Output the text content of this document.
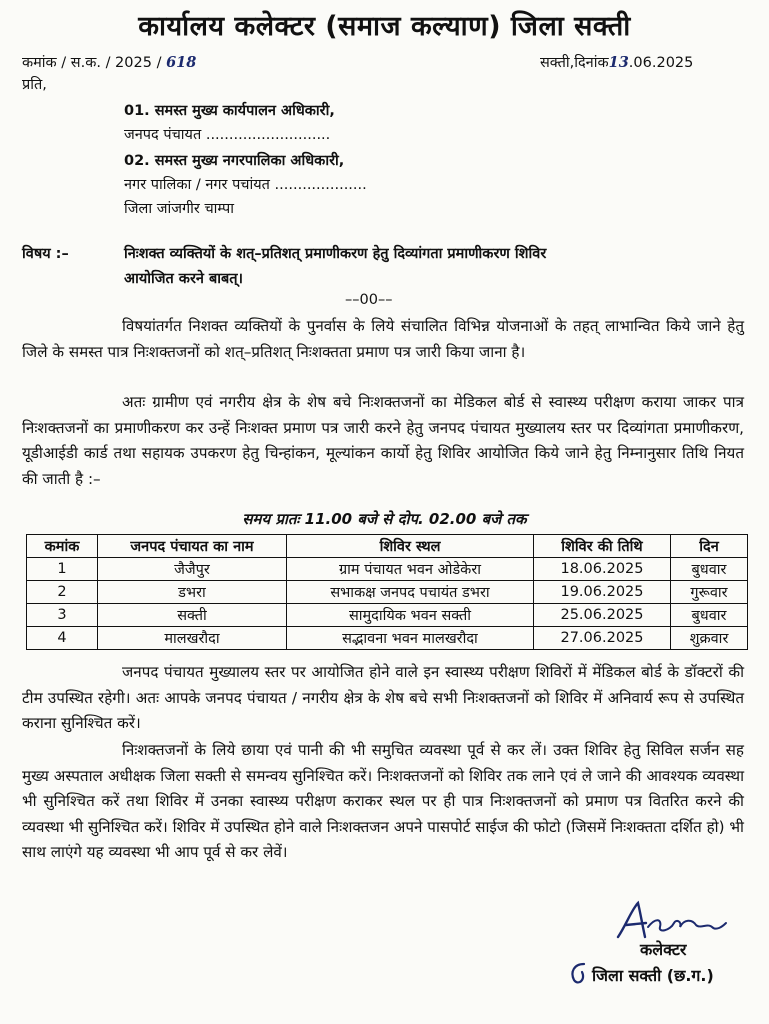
कार्यालय कलेक्टर (समाज कल्याण) जिला सक्ती
कमांक / स.क. / 2025 / 618	सक्ती,दिनांक13.06.2025
प्रति,
01. समस्त मुख्य कार्यपालन अधिकारी,
जनपद पंचायत ...........................
02. समस्त मुख्य नगरपालिका अधिकारी,
नगर पालिका / नगर पचांयत ....................
जिला जांजगीर चाम्पा
विषय :–	निःशक्त व्यक्तियों के शत्–प्रतिशत् प्रमाणीकरण हेतु दिव्यांगता प्रमाणीकरण शिविर
आयोजित करने बाबत्।
––00––
विषयांतर्गत निशक्त व्यक्तियों के पुनर्वास के लिये संचालित विभिन्न योजनाओं के तहत् लाभान्वित किये जाने हेतु जिले के समस्त पात्र निःशक्तजनों को शत्–प्रतिशत् निःशक्तता प्रमाण पत्र जारी किया जाना है।
अतः ग्रामीण एवं नगरीय क्षेत्र के शेष बचे निःशक्तजनों का मेडिकल बोर्ड से स्वास्थ्य परीक्षण कराया जाकर पात्र निःशक्तजनों का प्रमाणीकरण कर उन्हें निःशक्त प्रमाण पत्र जारी करने हेतु जनपद पंचायत मुख्यालय स्तर पर दिव्यांगता प्रमाणीकरण, यूडीआईडी कार्ड तथा सहायक उपकरण हेतु चिन्हांकन, मूल्यांकन कार्यो हेतु शिविर आयोजित किये जाने हेतु निम्नानुसार तिथि नियत की जाती है :–
समय प्रातः 11.00 बजे से दोप. 02.00 बजे तक
कमांक	जनपद पंचायत का नाम	शिविर स्थल	शिविर की तिथि	दिन
1	जैजैपुर	ग्राम पंचायत भवन ओडेकेरा	18.06.2025	बुधवार
2	डभरा	सभाकक्ष जनपद पचायंत डभरा	19.06.2025	गुरूवार
3	सक्ती	सामुदायिक भवन सक्ती	25.06.2025	बुधवार
4	मालखरौदा	सद्भावना भवन मालखरौदा	27.06.2025	शुक्रवार
जनपद पंचायत मुख्यालय स्तर पर आयोजित होने वाले इन स्वास्थ्य परीक्षण शिविरों में मेंडिकल बोर्ड के डॉक्टरों की टीम उपस्थित रहेगी। अतः आपके जनपद पंचायत / नगरीय क्षेत्र के शेष बचे सभी निःशक्तजनों को शिविर में अनिवार्य रूप से उपस्थित कराना सुनिश्चित करें।
निःशक्तजनों के लिये छाया एवं पानी की भी समुचित व्यवस्था पूर्व से कर लें। उक्त शिविर हेतु सिविल सर्जन सह मुख्य अस्पताल अधीक्षक जिला सक्ती से समन्वय सुनिश्चित करें। निःशक्तजनों को शिविर तक लाने एवं ले जाने की आवश्यक व्यवस्था भी सुनिश्चित करें तथा शिविर में उनका स्वास्थ्य परीक्षण कराकर स्थल पर ही पात्र निःशक्तजनों को प्रमाण पत्र वितरित करने की व्यवस्था भी सुनिश्चित करें। शिविर में उपस्थित होने वाले निःशक्तजन अपने पासपोर्ट साईज की फोटो (जिसमें निःशक्तता दर्शित हो) भी साथ लाएंगे यह व्यवस्था भी आप पूर्व से कर लेवें।
कलेक्टर
जिला सक्ती (छ.ग.)
